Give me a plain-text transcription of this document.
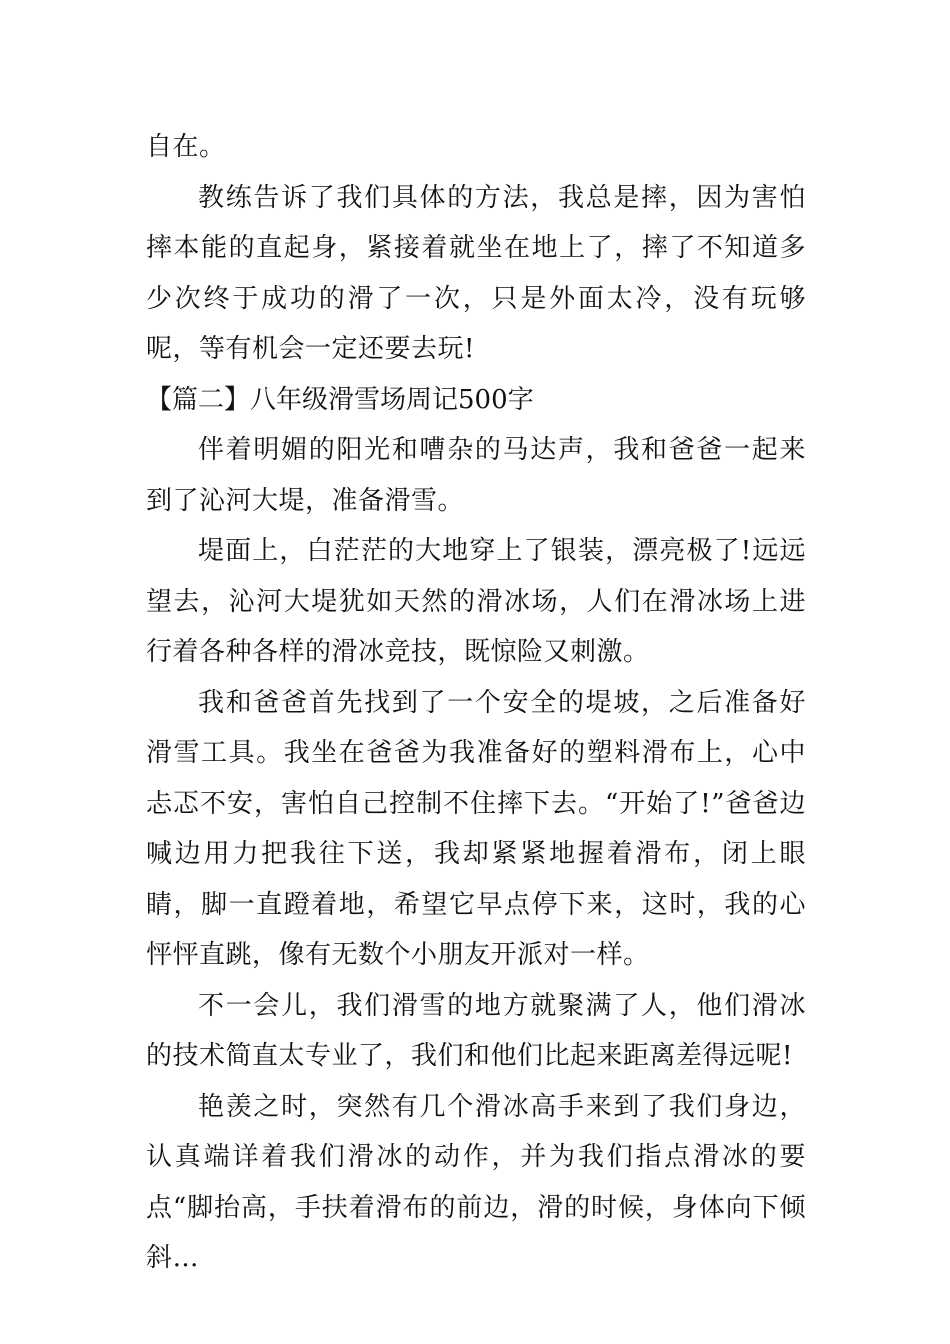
自在。

教练告诉了我们具体的方法，我总是摔，因为害怕摔本能的直起身，紧接着就坐在地上了，摔了不知道多少次终于成功的滑了一次，只是外面太冷，没有玩够呢，等有机会一定还要去玩!

【篇二】八年级滑雪场周记500字

伴着明媚的阳光和嘈杂的马达声，我和爸爸一起来到了沁河大堤，准备滑雪。

堤面上，白茫茫的大地穿上了银装，漂亮极了!远远望去，沁河大堤犹如天然的滑冰场，人们在滑冰场上进行着各种各样的滑冰竞技，既惊险又刺激。

我和爸爸首先找到了一个安全的堤坡，之后准备好滑雪工具。我坐在爸爸为我准备好的塑料滑布上，心中忐忑不安，害怕自己控制不住摔下去。“开始了!”爸爸边喊边用力把我往下送，我却紧紧地握着滑布，闭上眼睛，脚一直蹬着地，希望它早点停下来，这时，我的心怦怦直跳，像有无数个小朋友开派对一样。

不一会儿，我们滑雪的地方就聚满了人，他们滑冰的技术简直太专业了，我们和他们比起来距离差得远呢!

艳羡之时，突然有几个滑冰高手来到了我们身边，认真端详着我们滑冰的动作，并为我们指点滑冰的要点“脚抬高，手扶着滑布的前边，滑的时候，身体向下倾斜…
